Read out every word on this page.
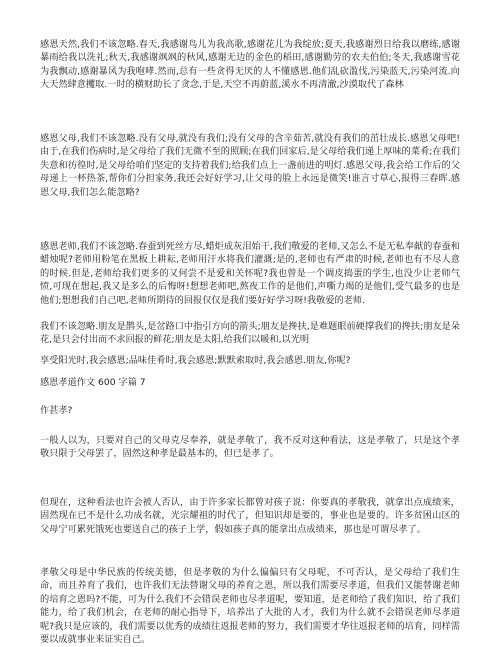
感恩天然,我们不该忽略.春天,我感谢鸟儿为我高歌,感谢花儿为我绽放;夏天,我感谢烈日给我以磨练,感谢暴雨给我以洗礼;秋天,我感谢飒飒的秋风,感谢无边的金色的稻田,感谢勤劳的农夫伯伯;冬天,我感谢雪花为我飘动,感谢暴风为我咆哮.然而,总有一些贪得无厌的人不懂感恩.他们乱砍滥伐,污染蓝天,污染河流.向大天然肆意攫取.一时的横财助长了贪念,于是,天空不再蔚蓝,溪水不再清澈,沙漠取代了森林

感恩父母,我们不该忽略.没有父母,就没有我们;没有父母的含辛茹苦,就没有我们的茁壮成长.感恩父母吧!由于,在我们伤病时,是父母给了我们无微不至的照顾;在我们回家后,是父母给我们递上厚味的菜肴;在我们失意和彷徨时,是父母给咱们坚定的支持着我们;给我们点上一盏前进的明灯.感恩父母,我会给工作后的父母递上一杯热茶,帮你们分担家务,我还会好好学习,让父母的脸上永远是微笑!谁言寸草心,报得三春晖.感恩父母,我们怎么能忽略?

感恩老师,我们不该忽略.春蚕到死丝方尽,蜡炬成灰泪始干,我们敬爱的老师,又怎么不是无私奉献的春蚕和蜡烛呢?老师用粉笔在黑板上耕耘,老师用汗水将我们灌溉;是的,老师也有严肃的时候,老师也有不尽人意的时候.但是,老师给我们更多的又何尝不是爱和关怀呢?我也曾是一个调皮捣蛋的学生,也没少让老师气愤,可现在想起,我又是多么的后悔呀!想想老师吧,熬夜工作的是他们,声嘶力竭的是他们,受气最多的也是他们;想想我们自己吧,老师所期待的回报仅仅是我们要好好学习呀!我敬爱的老师.

我们不该忽略.朋友是鹊头,是岔路口中指引方向的箭头;朋友是搀扶,是难题眼前硬撑我们的搀扶;朋友是朵花,是只会付出而不求回报的鲜花;朋友是太阳,给我们以暖和,以光明

享受阳光时,我会感恩;品味佳肴时,我会感恩;默默索取时,我会感恩.朋友,你呢?

感恩孝道作文 600 字篇 7

作甚孝?

一般人以为，只要对自己的父母克尽奉养，就是孝敬了，我不反对这种看法，这是孝敬了，只是这个孝敬只限于父母罢了，固然这种孝是最基本的，但已是孝了。

但现在，这种看法也许会被人否认，由于许多家长都曾对孩子说：你要真的孝敬我，就拿出点成绩来，固然现在已不是什么功成名就，光宗耀祖的时代了，但知识却是要的，事业也是要的。许多贫困山区的父母宁可累死饿死也要送自己的孩子上学，假如孩子真的能拿出点成绩来，那也是可谓尽孝了。

孝敬父母是中华民族的传统美德，但是孝敬的为什么偏偏只有父母呢，不可否认，是父母给了我们生命，而且养育了我们，也许我们无法替谢父母的养育之恩，所以我们需要尽孝道，但我们又能替谢老师的培育之恩吗?不能，可为什么我们不会错误老师也尽孝道呢，要知道，是老师给了我们知识，给了我们能力，给了我们机会，在老师的耐心指导下，培养出了大批的人才，我们为什么就不会错误老师尽孝道呢?我只是应该的，我们需要以优秀的成绩往返报老师的努力，我们需要才华往返报老师的培育，同样需要以成就事业来证实自己。
